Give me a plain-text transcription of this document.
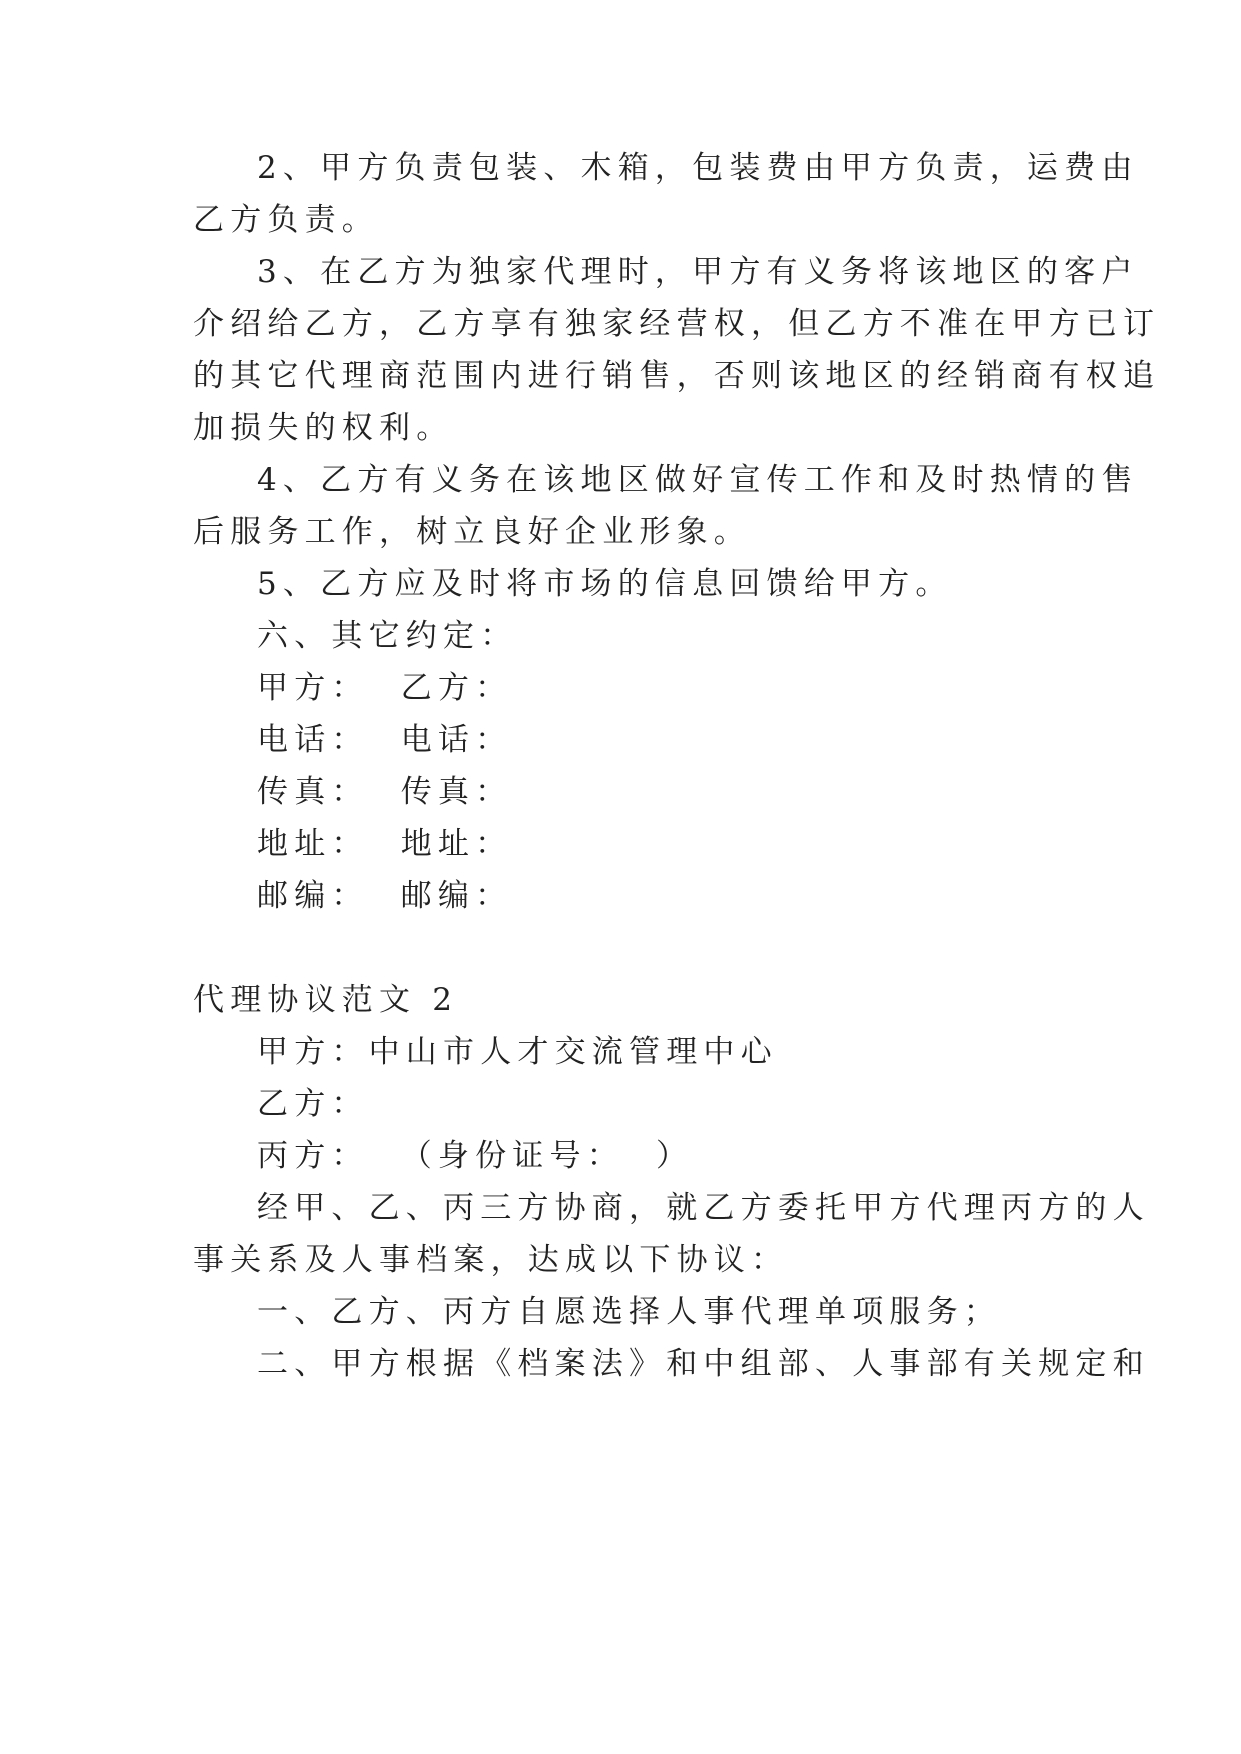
2、甲方负责包装、木箱，包装费由甲方负责，运费由
乙方负责。
3、在乙方为独家代理时，甲方有义务将该地区的客户
介绍给乙方，乙方享有独家经营权，但乙方不准在甲方已订
的其它代理商范围内进行销售，否则该地区的经销商有权追
加损失的权利。
4、乙方有义务在该地区做好宣传工作和及时热情的售
后服务工作，树立良好企业形象。
5、乙方应及时将市场的信息回馈给甲方。
六、其它约定：
甲方：  乙方：
电话：  电话：
传真：  传真：
地址：  地址：
邮编：  邮编：
代理协议范文 2
甲方：中山市人才交流管理中心
乙方：
丙方：  （身份证号：  ）
经甲、乙、丙三方协商，就乙方委托甲方代理丙方的人
事关系及人事档案，达成以下协议：
一、乙方、丙方自愿选择人事代理单项服务；
二、甲方根据《档案法》和中组部、人事部有关规定和
